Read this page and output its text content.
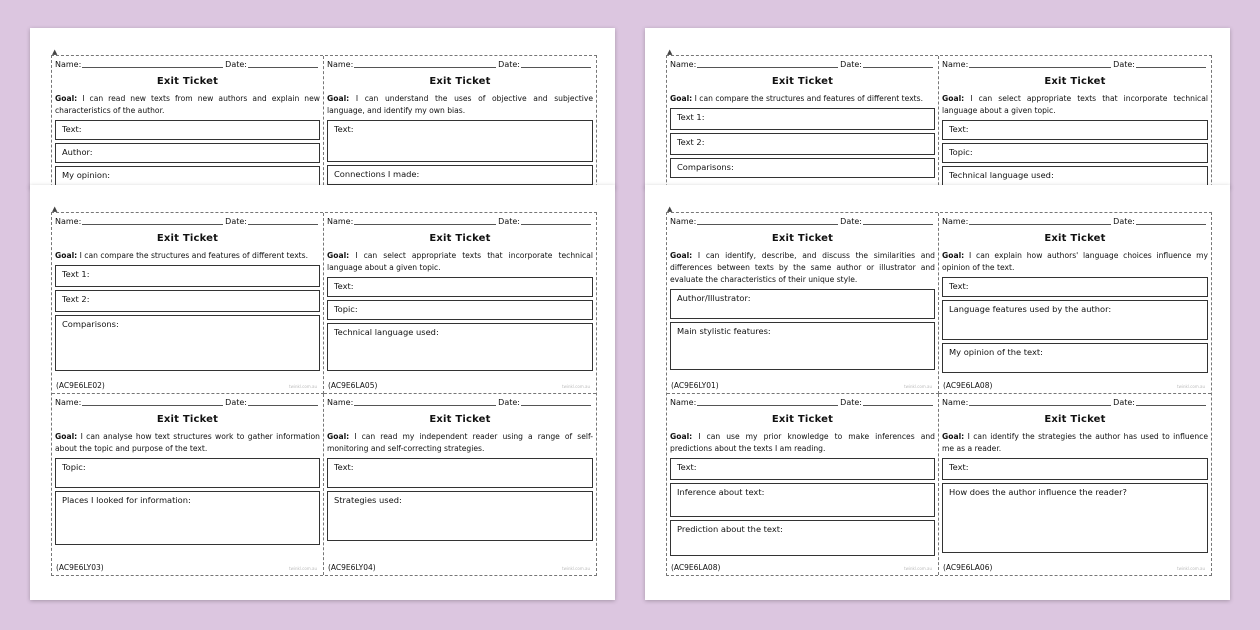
▲
Name:	Date:
Exit Ticket
Goal: I can read new texts from new authors and explain new characteristics of the author.
Text:
Author:
My opinion:
Name:	Date:
Exit Ticket
Goal: I can understand the uses of objective and subjective language, and identify my own bias.
Text:
Connections I made:
▲
Name:	Date:
Exit Ticket
Goal: I can compare the structures and features of different texts.
Text 1:
Text 2:
Comparisons:
Name:	Date:
Exit Ticket
Goal: I can select appropriate texts that incorporate technical language about a given topic.
Text:
Topic:
Technical language used:
▲
Name:	Date:
Exit Ticket
Goal: I can compare the structures and features of different texts.
Text 1:
Text 2:
Comparisons:
(AC9E6LE02)	twinkl.com.au
Name:	Date:
Exit Ticket
Goal: I can select appropriate texts that incorporate technical language about a given topic.
Text:
Topic:
Technical language used:
(AC9E6LA05)	twinkl.com.au
Name:	Date:
Exit Ticket
Goal: I can analyse how text structures work to gather information about the topic and purpose of the text.
Topic:
Places I looked for information:
(AC9E6LY03)	twinkl.com.au
Name:	Date:
Exit Ticket
Goal: I can read my independent reader using a range of self-monitoring and self-correcting strategies.
Text:
Strategies used:
(AC9E6LY04)	twinkl.com.au
▲
Name:	Date:
Exit Ticket
Goal: I can identify, describe, and discuss the similarities and differences between texts by the same author or illustrator and evaluate the characteristics of their unique style.
Author/Illustrator:
Main stylistic features:
(AC9E6LY01)	twinkl.com.au
Name:	Date:
Exit Ticket
Goal: I can explain how authors' language choices influence my opinion of the text.
Text:
Language features used by the author:
My opinion of the text:
(AC9E6LA08)	twinkl.com.au
Name:	Date:
Exit Ticket
Goal: I can use my prior knowledge to make inferences and predictions about the texts I am reading.
Text:
Inference about text:
Prediction about the text:
(AC9E6LA08)	twinkl.com.au
Name:	Date:
Exit Ticket
Goal: I can identify the strategies the author has used to influence me as a reader.
Text:
How does the author influence the reader?
(AC9E6LA06)	twinkl.com.au
